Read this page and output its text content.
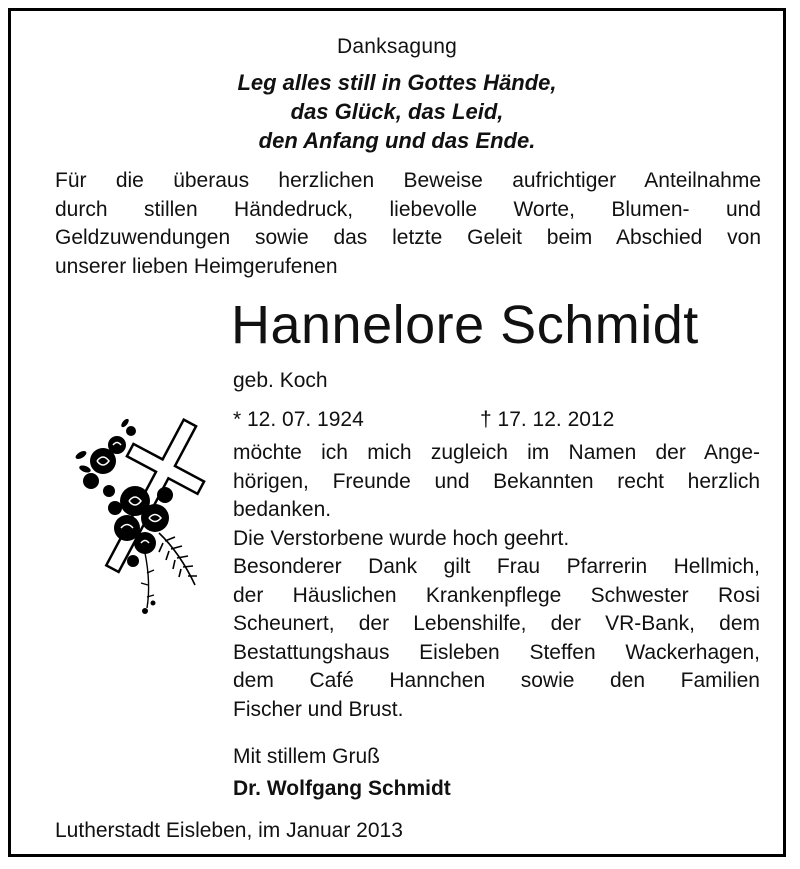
Danksagung
Leg alles still in Gottes Hände,
das Glück, das Leid,
den Anfang und das Ende.
Für die überaus herzlichen Beweise aufrichtiger Anteilnahme
durch stillen Händedruck, liebevolle Worte, Blumen- und
Geldzuwendungen sowie das letzte Geleit beim Abschied von
unserer lieben Heimgerufenen
Hannelore Schmidt
geb. Koch
* 12. 07. 1924	† 17. 12. 2012
möchte ich mich zugleich im Namen der Ange-
hörigen, Freunde und Bekannten recht herzlich
bedanken.
Die Verstorbene wurde hoch geehrt.
Besonderer Dank gilt Frau Pfarrerin Hellmich,
der Häuslichen Krankenpflege Schwester Rosi
Scheunert, der Lebenshilfe, der VR-Bank, dem
Bestattungshaus Eisleben Steffen Wackerhagen,
dem Café Hannchen sowie den Familien
Fischer und Brust.
Mit stillem Gruß
Dr. Wolfgang Schmidt
Lutherstadt Eisleben, im Januar 2013
